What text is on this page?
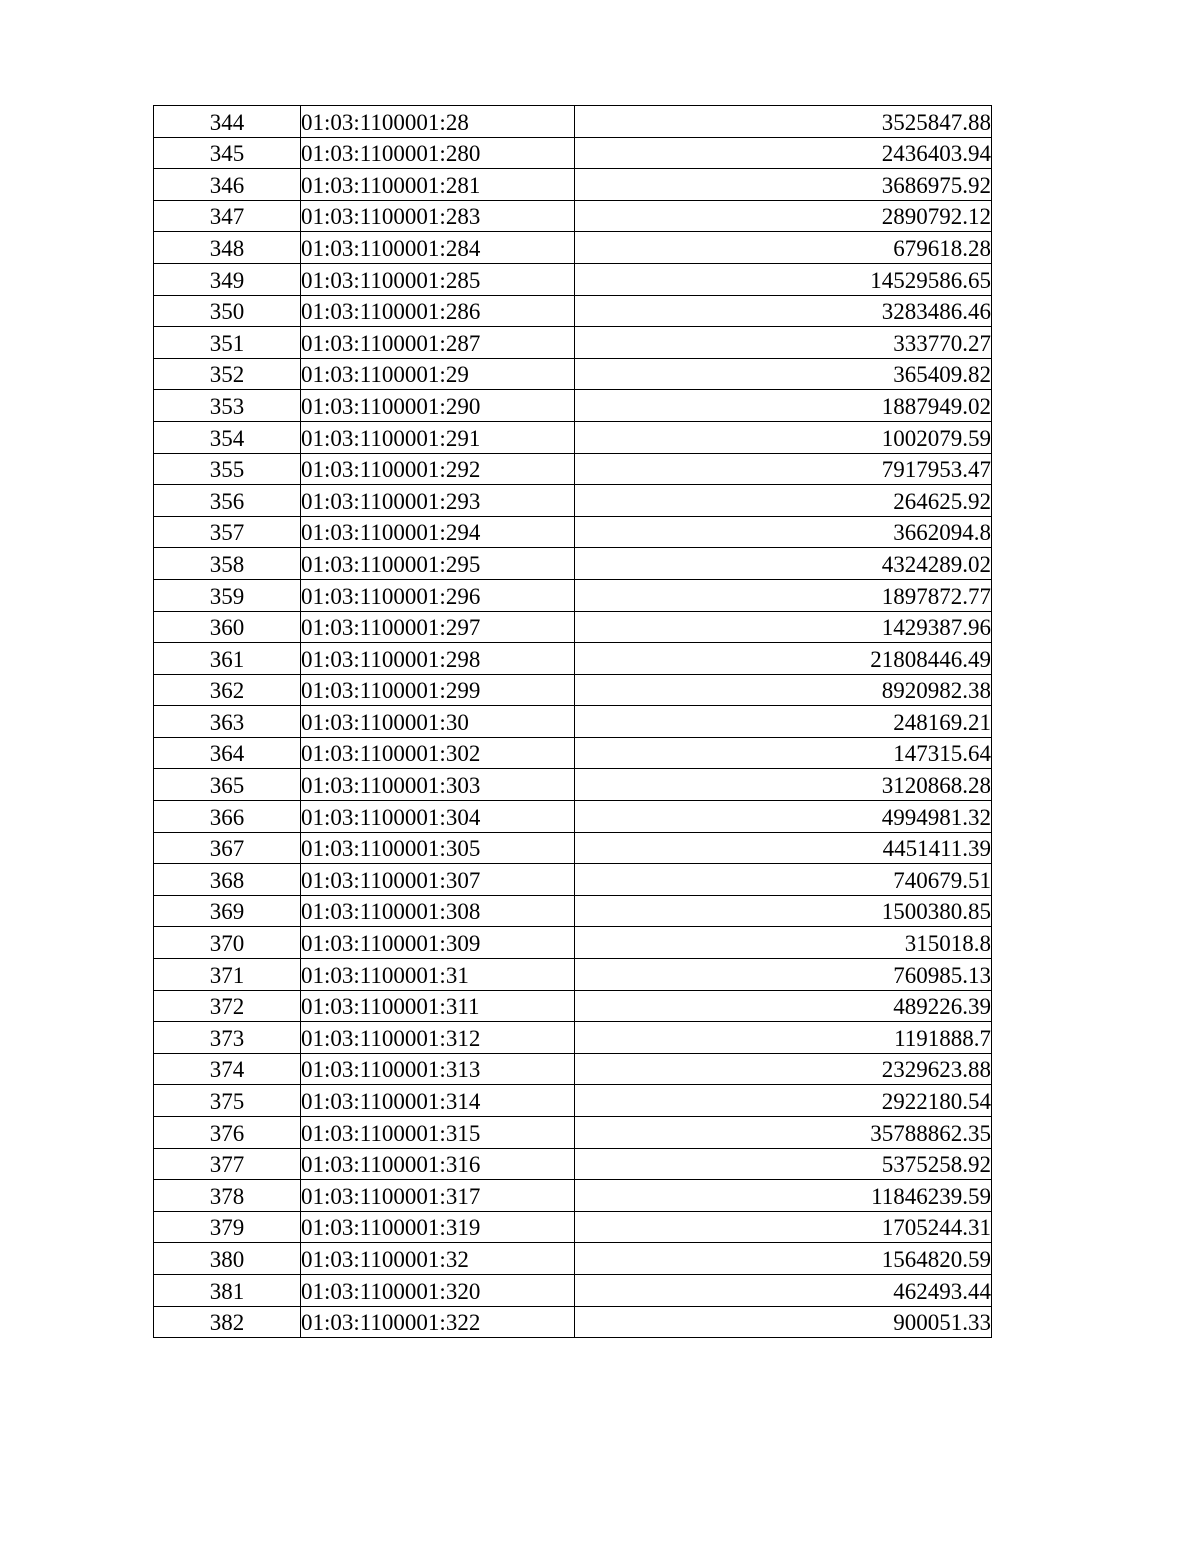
344	01:03:1100001:28	3525847.88
345	01:03:1100001:280	2436403.94
346	01:03:1100001:281	3686975.92
347	01:03:1100001:283	2890792.12
348	01:03:1100001:284	679618.28
349	01:03:1100001:285	14529586.65
350	01:03:1100001:286	3283486.46
351	01:03:1100001:287	333770.27
352	01:03:1100001:29	365409.82
353	01:03:1100001:290	1887949.02
354	01:03:1100001:291	1002079.59
355	01:03:1100001:292	7917953.47
356	01:03:1100001:293	264625.92
357	01:03:1100001:294	3662094.8
358	01:03:1100001:295	4324289.02
359	01:03:1100001:296	1897872.77
360	01:03:1100001:297	1429387.96
361	01:03:1100001:298	21808446.49
362	01:03:1100001:299	8920982.38
363	01:03:1100001:30	248169.21
364	01:03:1100001:302	147315.64
365	01:03:1100001:303	3120868.28
366	01:03:1100001:304	4994981.32
367	01:03:1100001:305	4451411.39
368	01:03:1100001:307	740679.51
369	01:03:1100001:308	1500380.85
370	01:03:1100001:309	315018.8
371	01:03:1100001:31	760985.13
372	01:03:1100001:311	489226.39
373	01:03:1100001:312	1191888.7
374	01:03:1100001:313	2329623.88
375	01:03:1100001:314	2922180.54
376	01:03:1100001:315	35788862.35
377	01:03:1100001:316	5375258.92
378	01:03:1100001:317	11846239.59
379	01:03:1100001:319	1705244.31
380	01:03:1100001:32	1564820.59
381	01:03:1100001:320	462493.44
382	01:03:1100001:322	900051.33
